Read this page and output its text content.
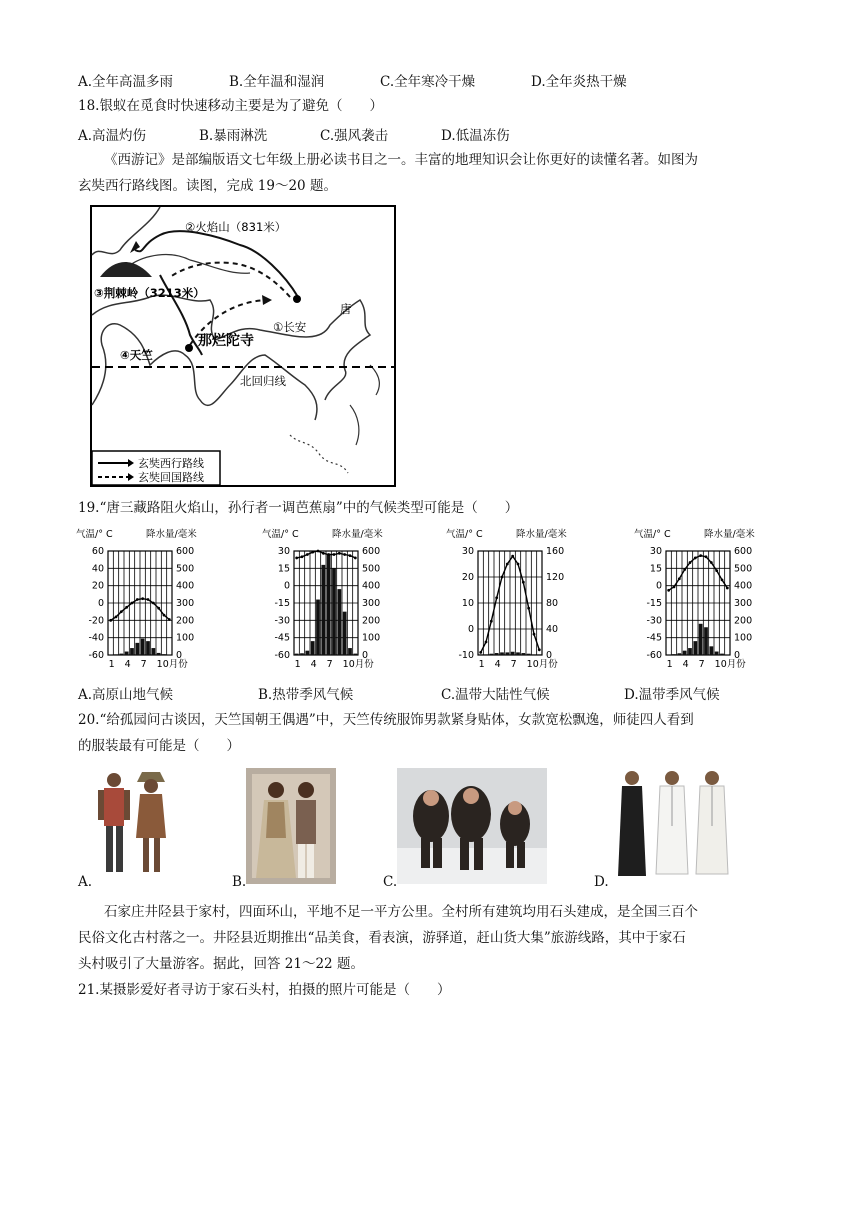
A.全年高温多雨	B.全年温和湿润	C.全年寒冷干燥	D.全年炎热干燥
18.银蚁在觅食时快速移动主要是为了避免（　　）
A.高温灼伤	B.暴雨淋洗	C.强风袭击	D.低温冻伤
《西游记》是部编版语文七年级上册必读书目之一。丰富的地理知识会让你更好的读懂名著。如图为
玄奘西行路线图。读图，完成 19～20 题。
②火焰山（831米）
③荆棘岭（3213米）
那烂陀寺
①长安
唐
④天竺
北回归线
玄奘西行路线
玄奘回国路线
19.“唐三藏路阻火焰山，孙行者一调芭蕉扇”中的气候类型可能是（　　）
气温/° C	降水量/毫米
60
40
20
0
-20
-40
-60
600
500
400
300
200
100
0
1 4 7 10月份
气温/° C	降水量/毫米
30
15
0
-15
-30
-45
-60
600
500
400
300
200
100
0
1 4 7 10月份
气温/° C	降水量/毫米
30
20
10
0
-10
160
120
80
40
0
1 4 7 10月份
气温/° C	降水量/毫米
30
15
0
-15
-30
-45
-60
600
500
400
300
200
100
0
1 4 7 10月份
A.高原山地气候	B.热带季风气候	C.温带大陆性气候	D.温带季风气候
20.“给孤园问古谈因，天竺国朝王偶遇”中，天竺传统服饰男款紧身贴体，女款宽松飘逸，师徒四人看到
的服装最有可能是（　　）
A.	B.	C.	D.
石家庄井陉县于家村，四面环山，平地不足一平方公里。全村所有建筑均用石头建成，是全国三百个
民俗文化古村落之一。井陉县近期推出“品美食，看表演，游驿道，赶山货大集”旅游线路，其中于家石
头村吸引了大量游客。据此，回答 21～22 题。
21.某摄影爱好者寻访于家石头村，拍摄的照片可能是（　　）
